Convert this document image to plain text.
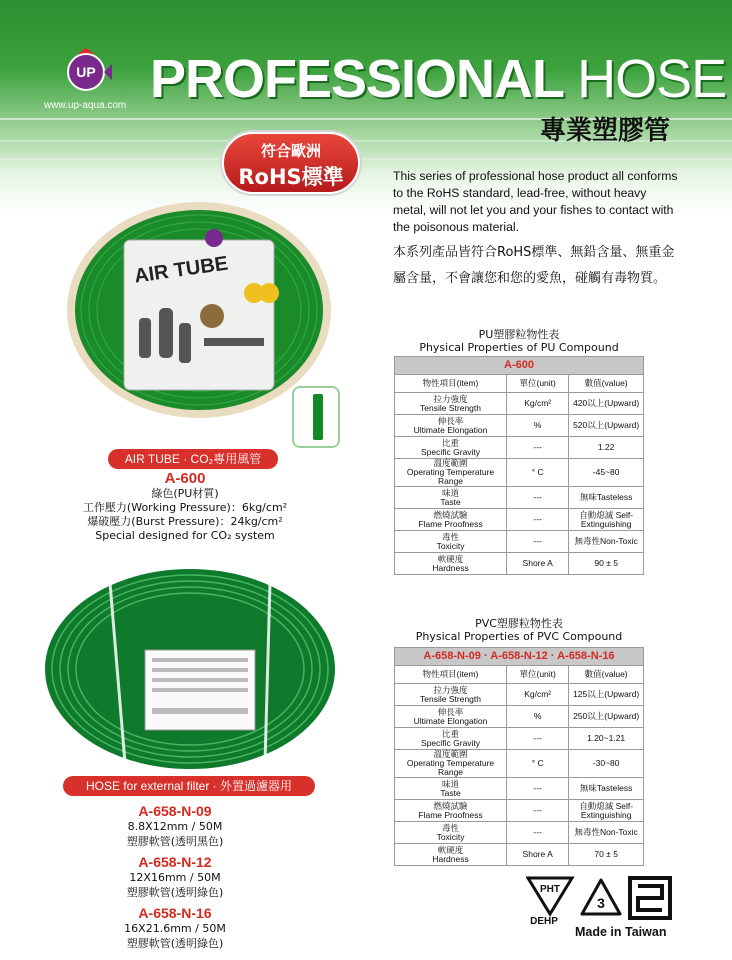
UP
www.up-aqua.com PROFESSIONAL HOSE
專業塑膠管
符合歐洲
RoHS標準	This series of professional hose product all conforms to the RoHS standard, lead-free, without heavy metal, will not let you and your fishes to contact with the poisonous material.
本系列產品皆符合RoHS標準、無鉛含量、無重金屬含量，不會讓您和您的愛魚，碰觸有毒物質。
AIR TUBE
AIR TUBE · CO₂專用風管
A-600
綠色(PU材質)
工作壓力(Working Pressure)：6kg/cm²
爆破壓力(Burst Pressure)：24kg/cm²
Special designed for CO₂ system
HOSE for external filter · 外置過濾器用
A-658-N-09
8.8X12mm / 50M
塑膠軟管(透明黑色)
A-658-N-12
12X16mm / 50M
塑膠軟管(透明綠色)
A-658-N-16
16X21.6mm / 50M
塑膠軟管(透明綠色)
PU塑膠粒物性表
Physical Properties of PU Compound
A-600		
物性項目(item)	單位(unit)	數值(value)

拉力強度
Tensile Strength	Kg/cm²	420以上(Upward)

伸長率
Ultimate Elongation	%	520以上(Upward)

比重
Specific Gravity	---	1.22

溫度範圍
Operating Temperature Range	° C	-45~80

味道
Taste	---	無味Tasteless

燃燒試驗
Flame Proofness	---	自動熄滅 Self-Extinguishing

毒性
Toxicity	---	無毒性Non-Toxic

軟硬度
Hardness	Shore A	90 ± 5
PVC塑膠粒物性表
Physical Properties of PVC Compound
A-658-N-09 · A-658-N-12 · A-658-N-16		
物性項目(item)	單位(unit)	數值(value)

拉力強度
Tensile Strength	Kg/cm²	125以上(Upward)

伸長率
Ultimate Elongation	%	250以上(Upward)

比重
Specific Gravity	---	1.20~1.21

溫度範圍
Operating Temperature Range	° C	-30~80

味道
Taste	---	無味Tasteless

燃燒試驗
Flame Proofness	---	自動熄滅 Self-Extinguishing

毒性
Toxicity	---	無毒性Non-Toxic

軟硬度
Hardness	Shore A	70 ± 5
PHT
DEHP
3
Made in Taiwan
